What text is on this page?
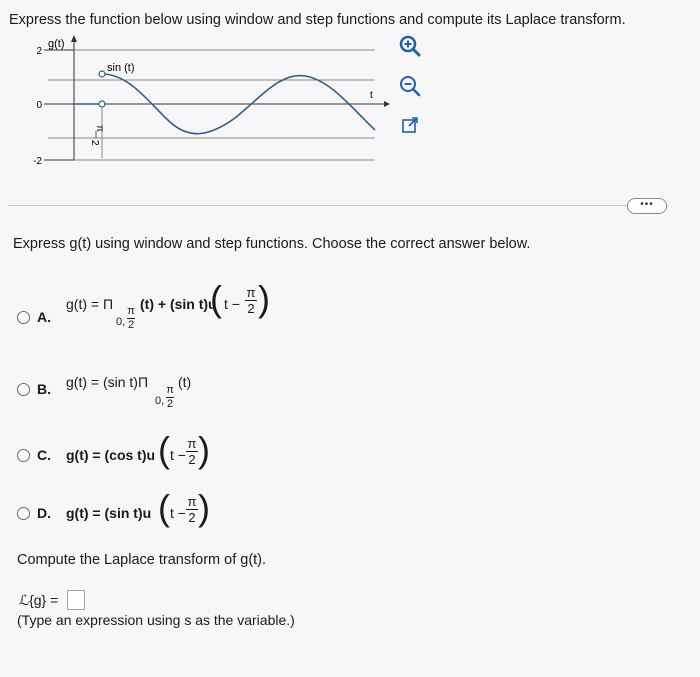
Express the function below using window and step functions and compute its Laplace transform.
g(t)
t
sin (t)
2
0
-2
π
2
•••
Express g(t) using window and step functions. Choose the correct answer below.
A.
g(t) = Π
0,
π
2
(t) + (sin t)u
( t −
π
2 )
B. g(t) = (sin t)Π
0,
π
2
(t)
C. g(t) = (cos t)u ( t −
π
2 )
D. g(t) = (sin t)u ( t −
π
2 )
Compute the Laplace transform of g(t).
ℒ{g} =
(Type an expression using s as the variable.)
